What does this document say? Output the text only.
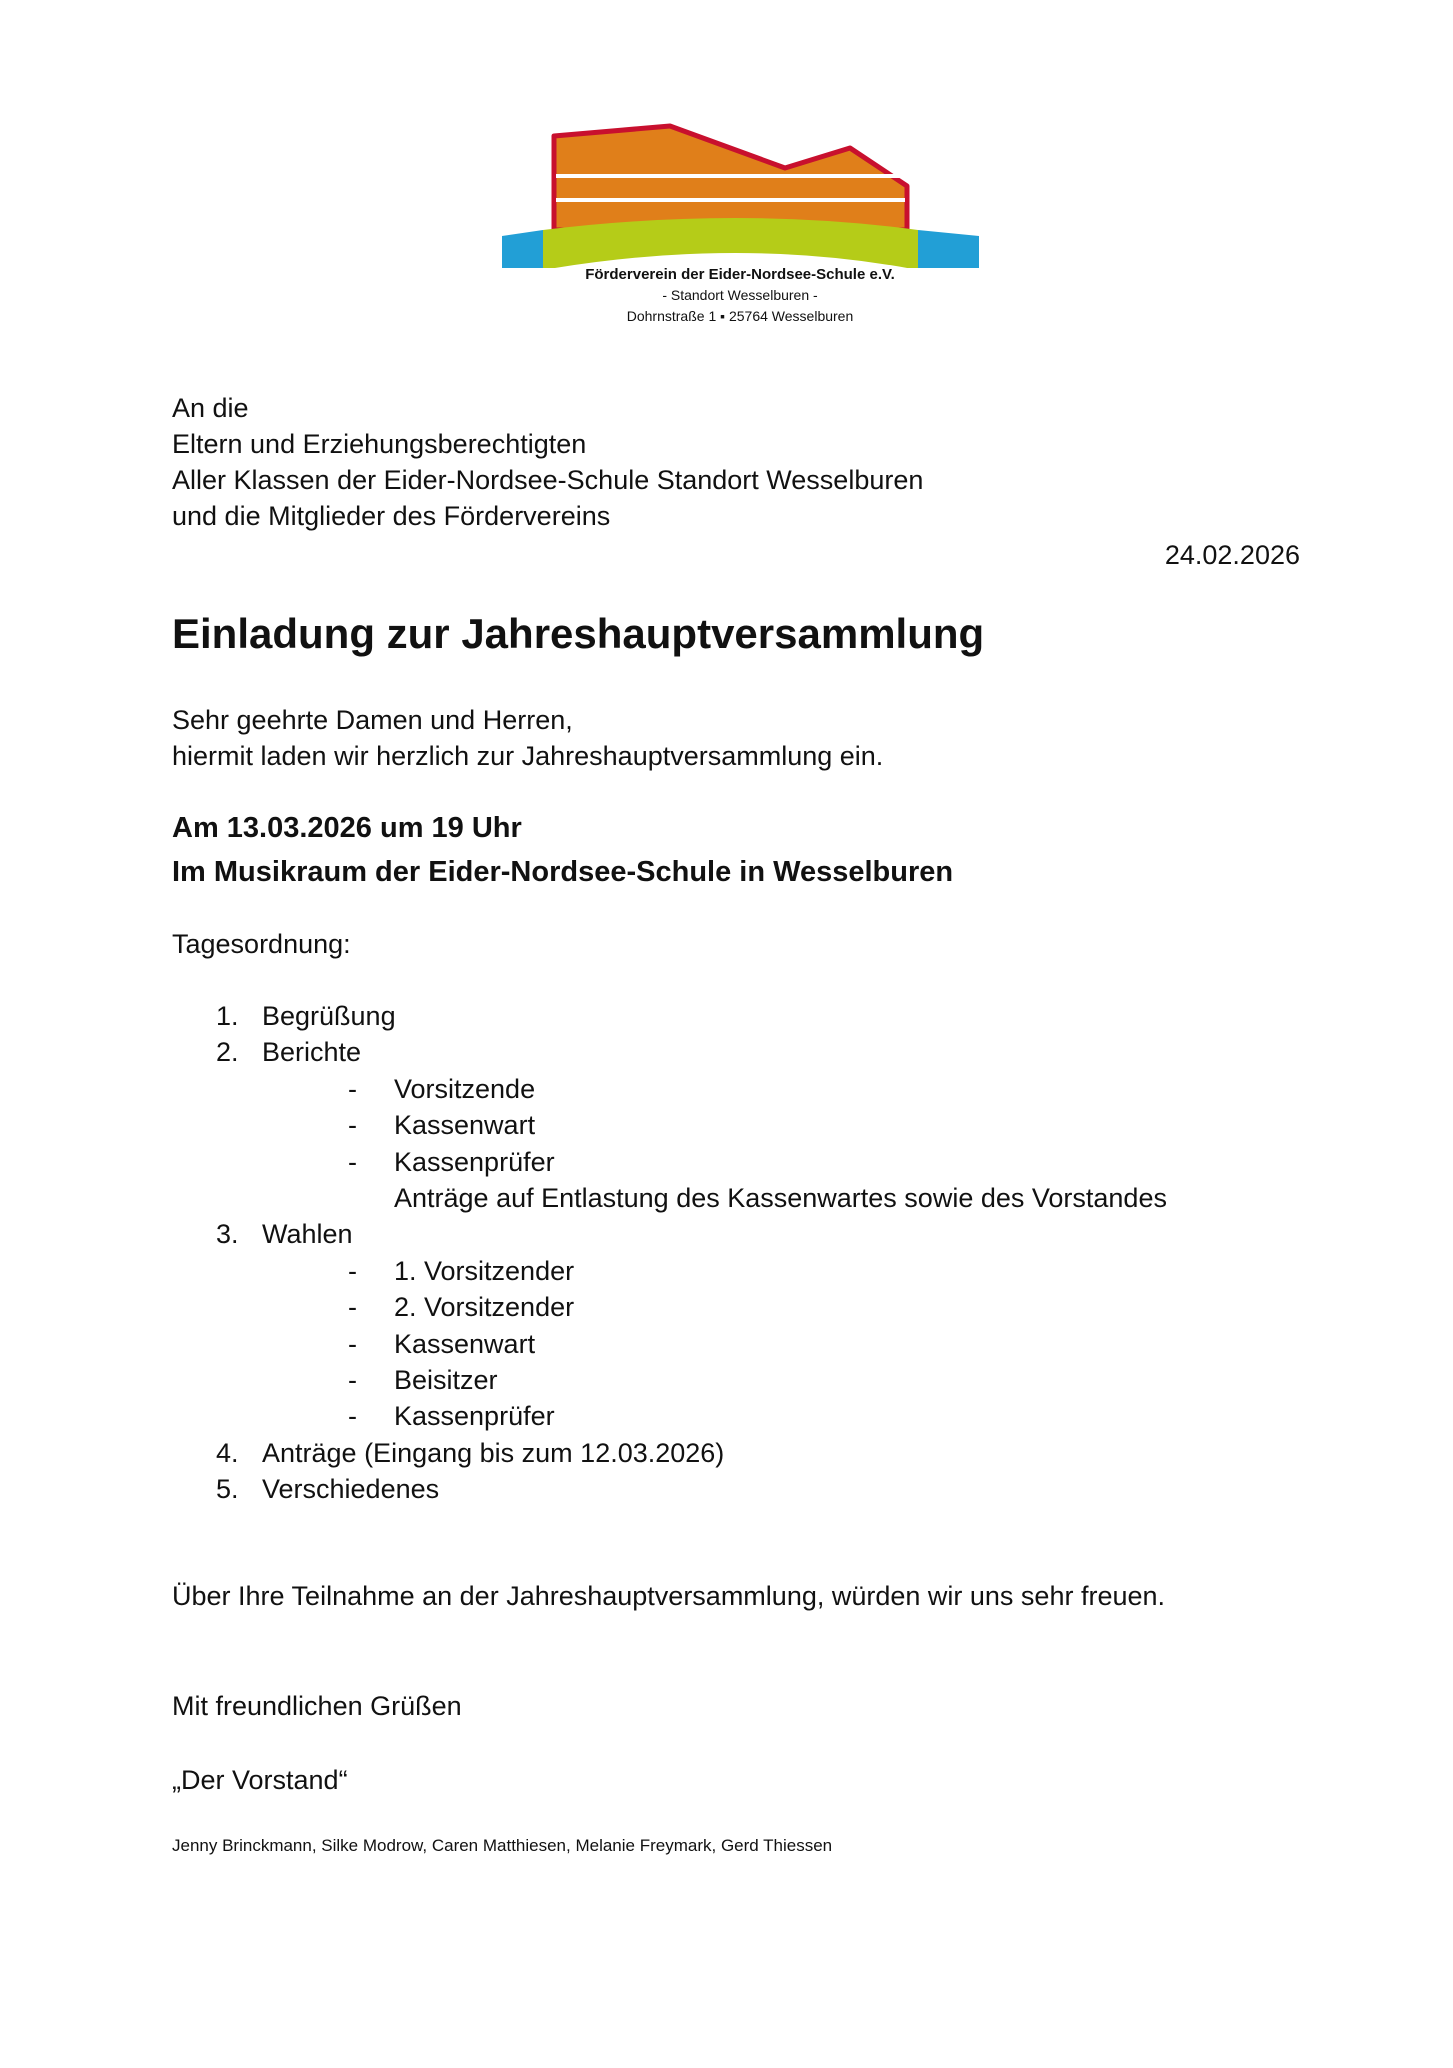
Förderverein der Eider-Nordsee-Schule e.V.
- Standort Wesselburen -
Dohrnstraße 1 ▪ 25764 Wesselburen
An die
Eltern und Erziehungsberechtigten
Aller Klassen der Eider-Nordsee-Schule Standort Wesselburen
und die Mitglieder des Fördervereins
24.02.2026
Einladung zur Jahreshauptversammlung
Sehr geehrte Damen und Herren,
hiermit laden wir herzlich zur Jahreshauptversammlung ein.
Am 13.03.2026 um 19 Uhr
Im Musikraum der Eider-Nordsee-Schule in Wesselburen
Tagesordnung:
1. Begrüßung
2. Berichte
- Vorsitzende
- Kassenwart
- Kassenprüfer
Anträge auf Entlastung des Kassenwartes sowie des Vorstandes
3. Wahlen
- 1. Vorsitzender
- 2. Vorsitzender
- Kassenwart
- Beisitzer
- Kassenprüfer
4. Anträge (Eingang bis zum 12.03.2026)
5. Verschiedenes
Über Ihre Teilnahme an der Jahreshauptversammlung, würden wir uns sehr freuen.
Mit freundlichen Grüßen
„Der Vorstand“
Jenny Brinckmann, Silke Modrow, Caren Matthiesen, Melanie Freymark, Gerd Thiessen
